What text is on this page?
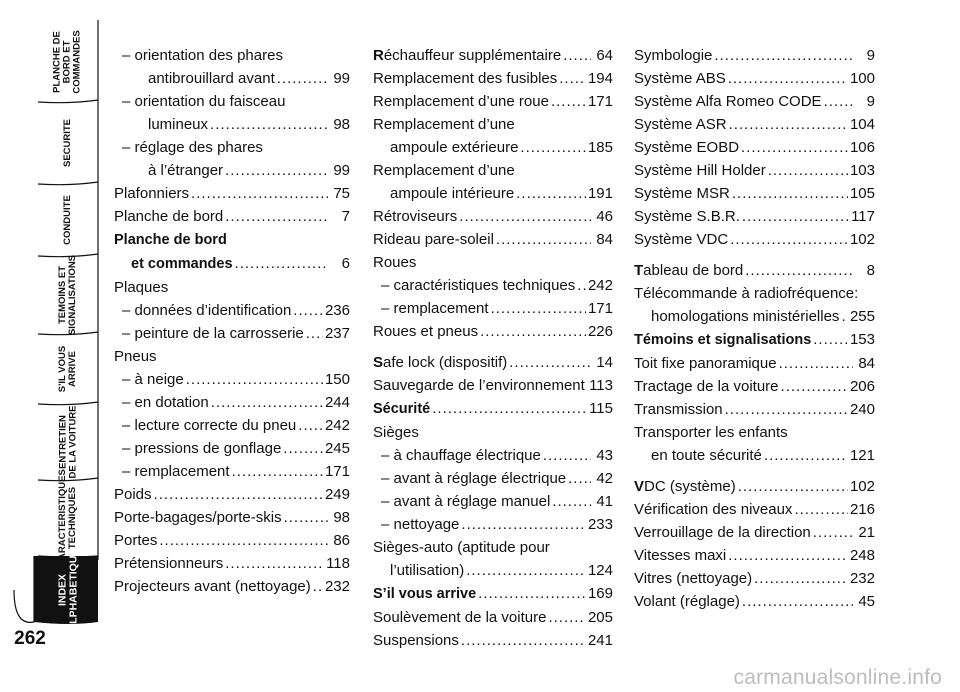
PLANCHE DE
BORD ET
COMMANDES
SECURITE
CONDUITE
TEMOINS ET
SIGNALISATIONS
S'IL VOUS
ARRIVE
ENTRETIEN
DE LA VOITURE
CARACTERISTIQUES
TECHNIQUES
INDEX
ALPHABETIQUE
262
– orientation des phares
antibrouillard avant .....	99
– orientation du faisceau
lumineux .....	98
– réglage des phares
à l’étranger .....	99
Plafonniers .....	75
Planche de bord .....	7
Planche de bord
et commandes .....	6
Plaques
– données d’identification ..... 236
– peinture de la carrosserie ..... 237
Pneus
– à neige .....	150
– en dotation .....	244
– lecture correcte du pneu ..... 242
– pressions de gonflage .....	245
– remplacement .....	171
Poids .....	249
Porte-bagages/porte-skis .....	98
Portes .....	86
Prétensionneurs .....	118
Projecteurs avant (nettoyage) ..... 232
Réchauffeur supplémentaire ..... 64
Remplacement des fusibles ..... 194
Remplacement d’une roue .....	171
Remplacement d’une
ampoule extérieure .....	185
Remplacement d’une
ampoule intérieure .....	191
Rétroviseurs .....	46
Rideau pare-soleil .....	84
Roues
– caractéristiques techniques ..... 242
– remplacement .....	171
Roues et pneus .....	226
Safe lock (dispositif) .....	14
Sauvegarde de l’environnement ..... 113
Sécurité .....	115
Sièges
– à chauffage électrique .....	43
– avant à réglage électrique ..... 42
– avant à réglage manuel .....	41
– nettoyage .....	233
Sièges-auto (aptitude pour
l’utilisation) .....	124
S’il vous arrive .....	169
Soulèvement de la voiture .....	205
Suspensions .....	241
Symbologie .....	9
Système ABS .....	100
Système Alfa Romeo CODE .....	9
Système ASR .....	104
Système EOBD .....	106
Système Hill Holder .....	103
Système MSR .....	105
Système S.B.R. .....	117
Système VDC .....	102
Tableau de bord .....	8
Télécommande à radiofréquence:
homologations ministérielles ..... 255
Témoins et signalisations .....	153
Toit fixe panoramique .....	84
Tractage de la voiture .....	206
Transmission .....	240
Transporter les enfants
en toute sécurité .....	121
VDC (système) .....	102
Vérification des niveaux .....	216
Verrouillage de la direction .....	21
Vitesses maxi .....	248
Vitres (nettoyage) .....	232
Volant (réglage) .....	45
carmanualsonline.info
